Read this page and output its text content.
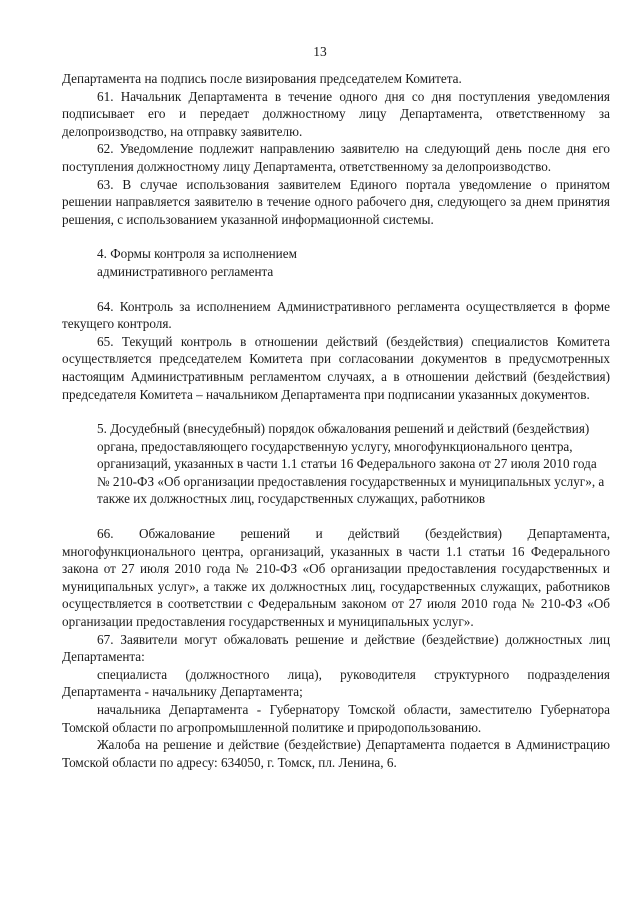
13

Департамента на подпись после визирования председателем Комитета.

61. Начальник Департамента в течение одного дня со дня поступления уведомления подписывает его и передает должностному лицу Департамента, ответственному за делопроизводство, на отправку заявителю.

62. Уведомление подлежит направлению заявителю на следующий день после дня его поступления должностному лицу Департамента, ответственному за делопроизводство.

63. В случае использования заявителем Единого портала уведомление о принятом решении направляется заявителю в течение одного рабочего дня, следующего за днем принятия решения, с использованием указанной информационной системы.

4. Формы контроля за исполнением

административного регламента

64. Контроль за исполнением Административного регламента осуществляется в форме текущего контроля.

65. Текущий контроль в отношении действий (бездействия) специалистов Комитета осуществляется председателем Комитета при согласовании документов в предусмотренных настоящим Административным регламентом случаях, а в отношении действий (бездействия) председателя Комитета – начальником Департамента при подписании указанных документов.

5. Досудебный (внесудебный) порядок обжалования решений и действий (бездействия)

органа, предоставляющего государственную услугу, многофункционального центра,

организаций, указанных в части 1.1 статьи 16 Федерального закона от 27 июля 2010 года

№ 210-ФЗ «Об организации предоставления государственных и муниципальных услуг», а

также их должностных лиц, государственных служащих, работников

66. Обжалование решений и действий (бездействия) Департамента, многофункционального центра, организаций, указанных в части 1.1 статьи 16 Федерального закона от 27 июля 2010 года № 210-ФЗ «Об организации предоставления государственных и муниципальных услуг», а также их должностных лиц, государственных служащих, работников осуществляется в соответствии с Федеральным законом от 27 июля 2010 года № 210-ФЗ «Об организации предоставления государственных и муниципальных услуг».

67. Заявители могут обжаловать решение и действие (бездействие) должностных лиц Департамента:

специалиста (должностного лица), руководителя структурного подразделения Департамента - начальнику Департамента;

начальника Департамента - Губернатору Томской области, заместителю Губернатора Томской области по агропромышленной политике и природопользованию.

Жалоба на решение и действие (бездействие) Департамента подается в Администрацию Томской области по адресу: 634050, г. Томск, пл. Ленина, 6.
